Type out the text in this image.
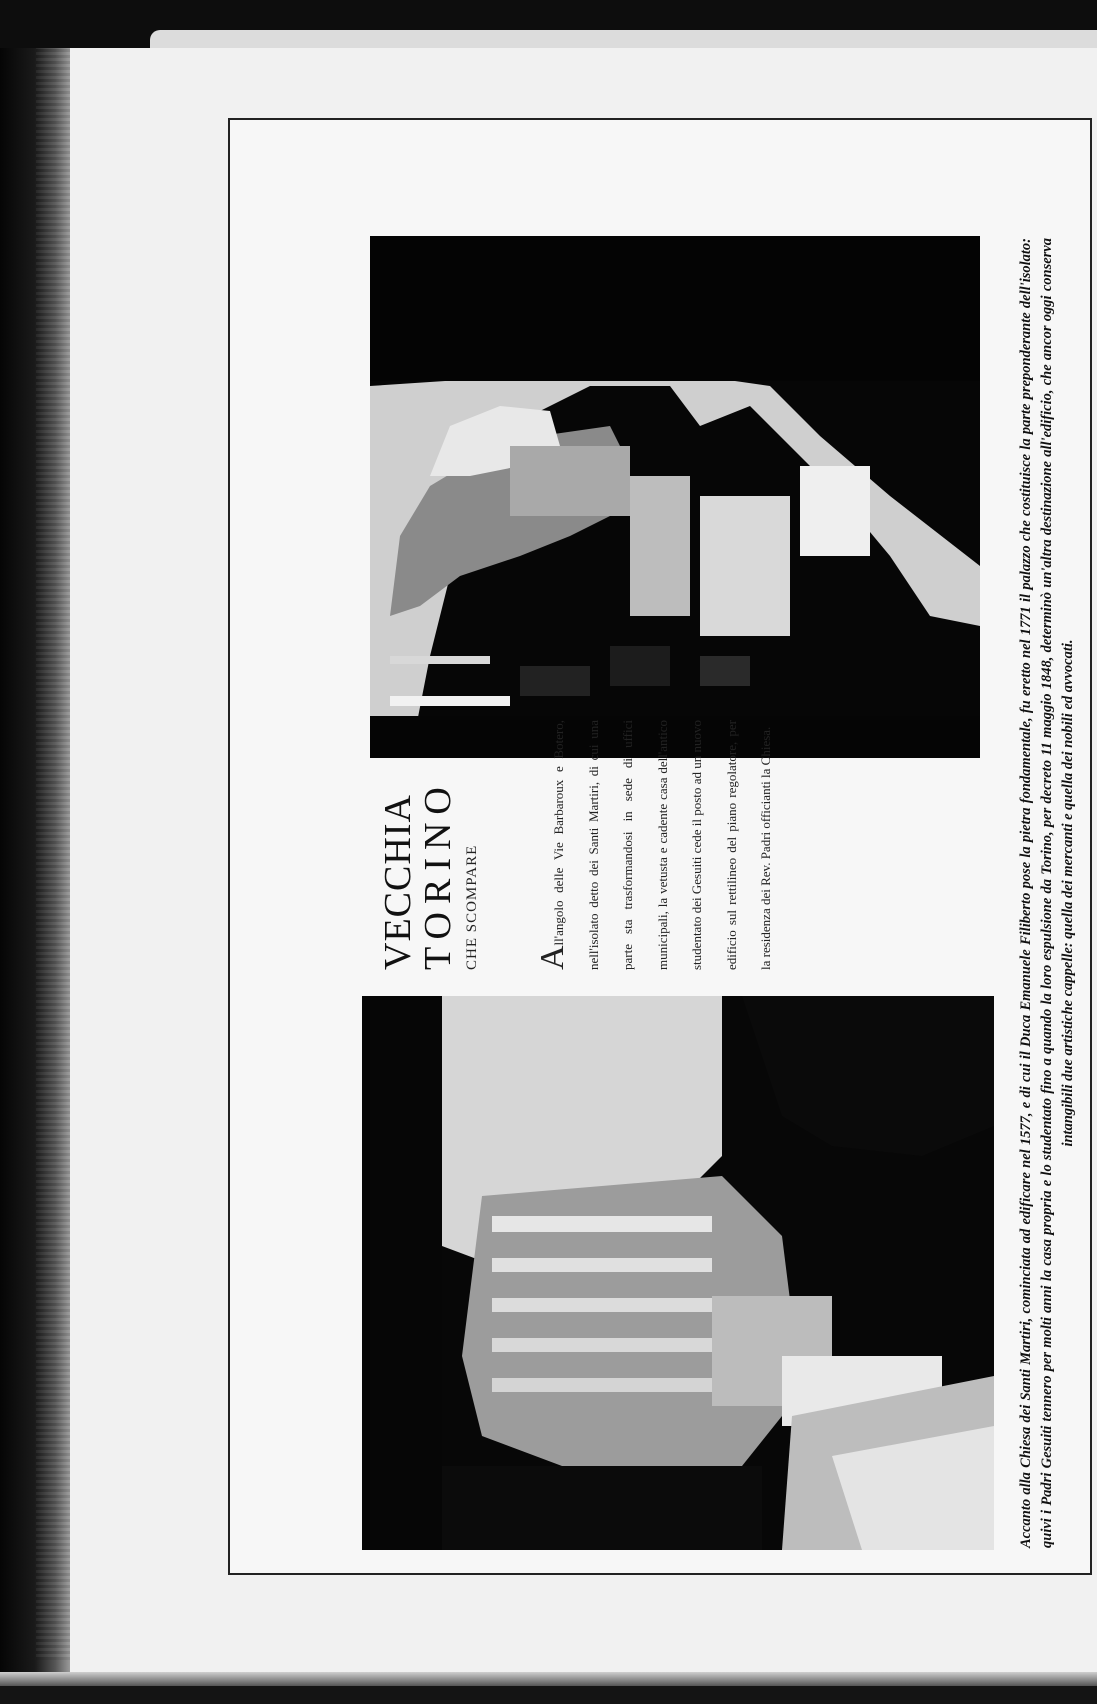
VECCHIA
TORINO CHE SCOMPARE All'angolo delle Vie Barbaroux e Botero, nell'isolato detto dei Santi Martiri, di cui una parte sta trasformandosi in sede di uffici municipali, la vetusta e cadente casa dell'antico studentato dei Gesuiti cede il posto ad un nuovo edificio sul rettilineo del piano regolatore, per la residenza dei Rev. Padri officianti la Chiesa.	Accanto alla Chiesa dei Santi Martiri, cominciata ad edificare nel 1577, e di cui il Duca Emanuele Filiberto pose la pietra fondamentale, fu eretto nel 1771 il palazzo che costituisce la parte preponderante dell'isolato: quivi i Padri Gesuiti tennero per molti anni la casa propria e lo studentato fino a quando la loro espulsione da Torino, per decreto 11 maggio 1848, determinò un'altra destinazione all'edificio, che ancor oggi conserva intangibili due artistiche cappelle: quella dei mercanti e quella dei nobili ed avvocati.
